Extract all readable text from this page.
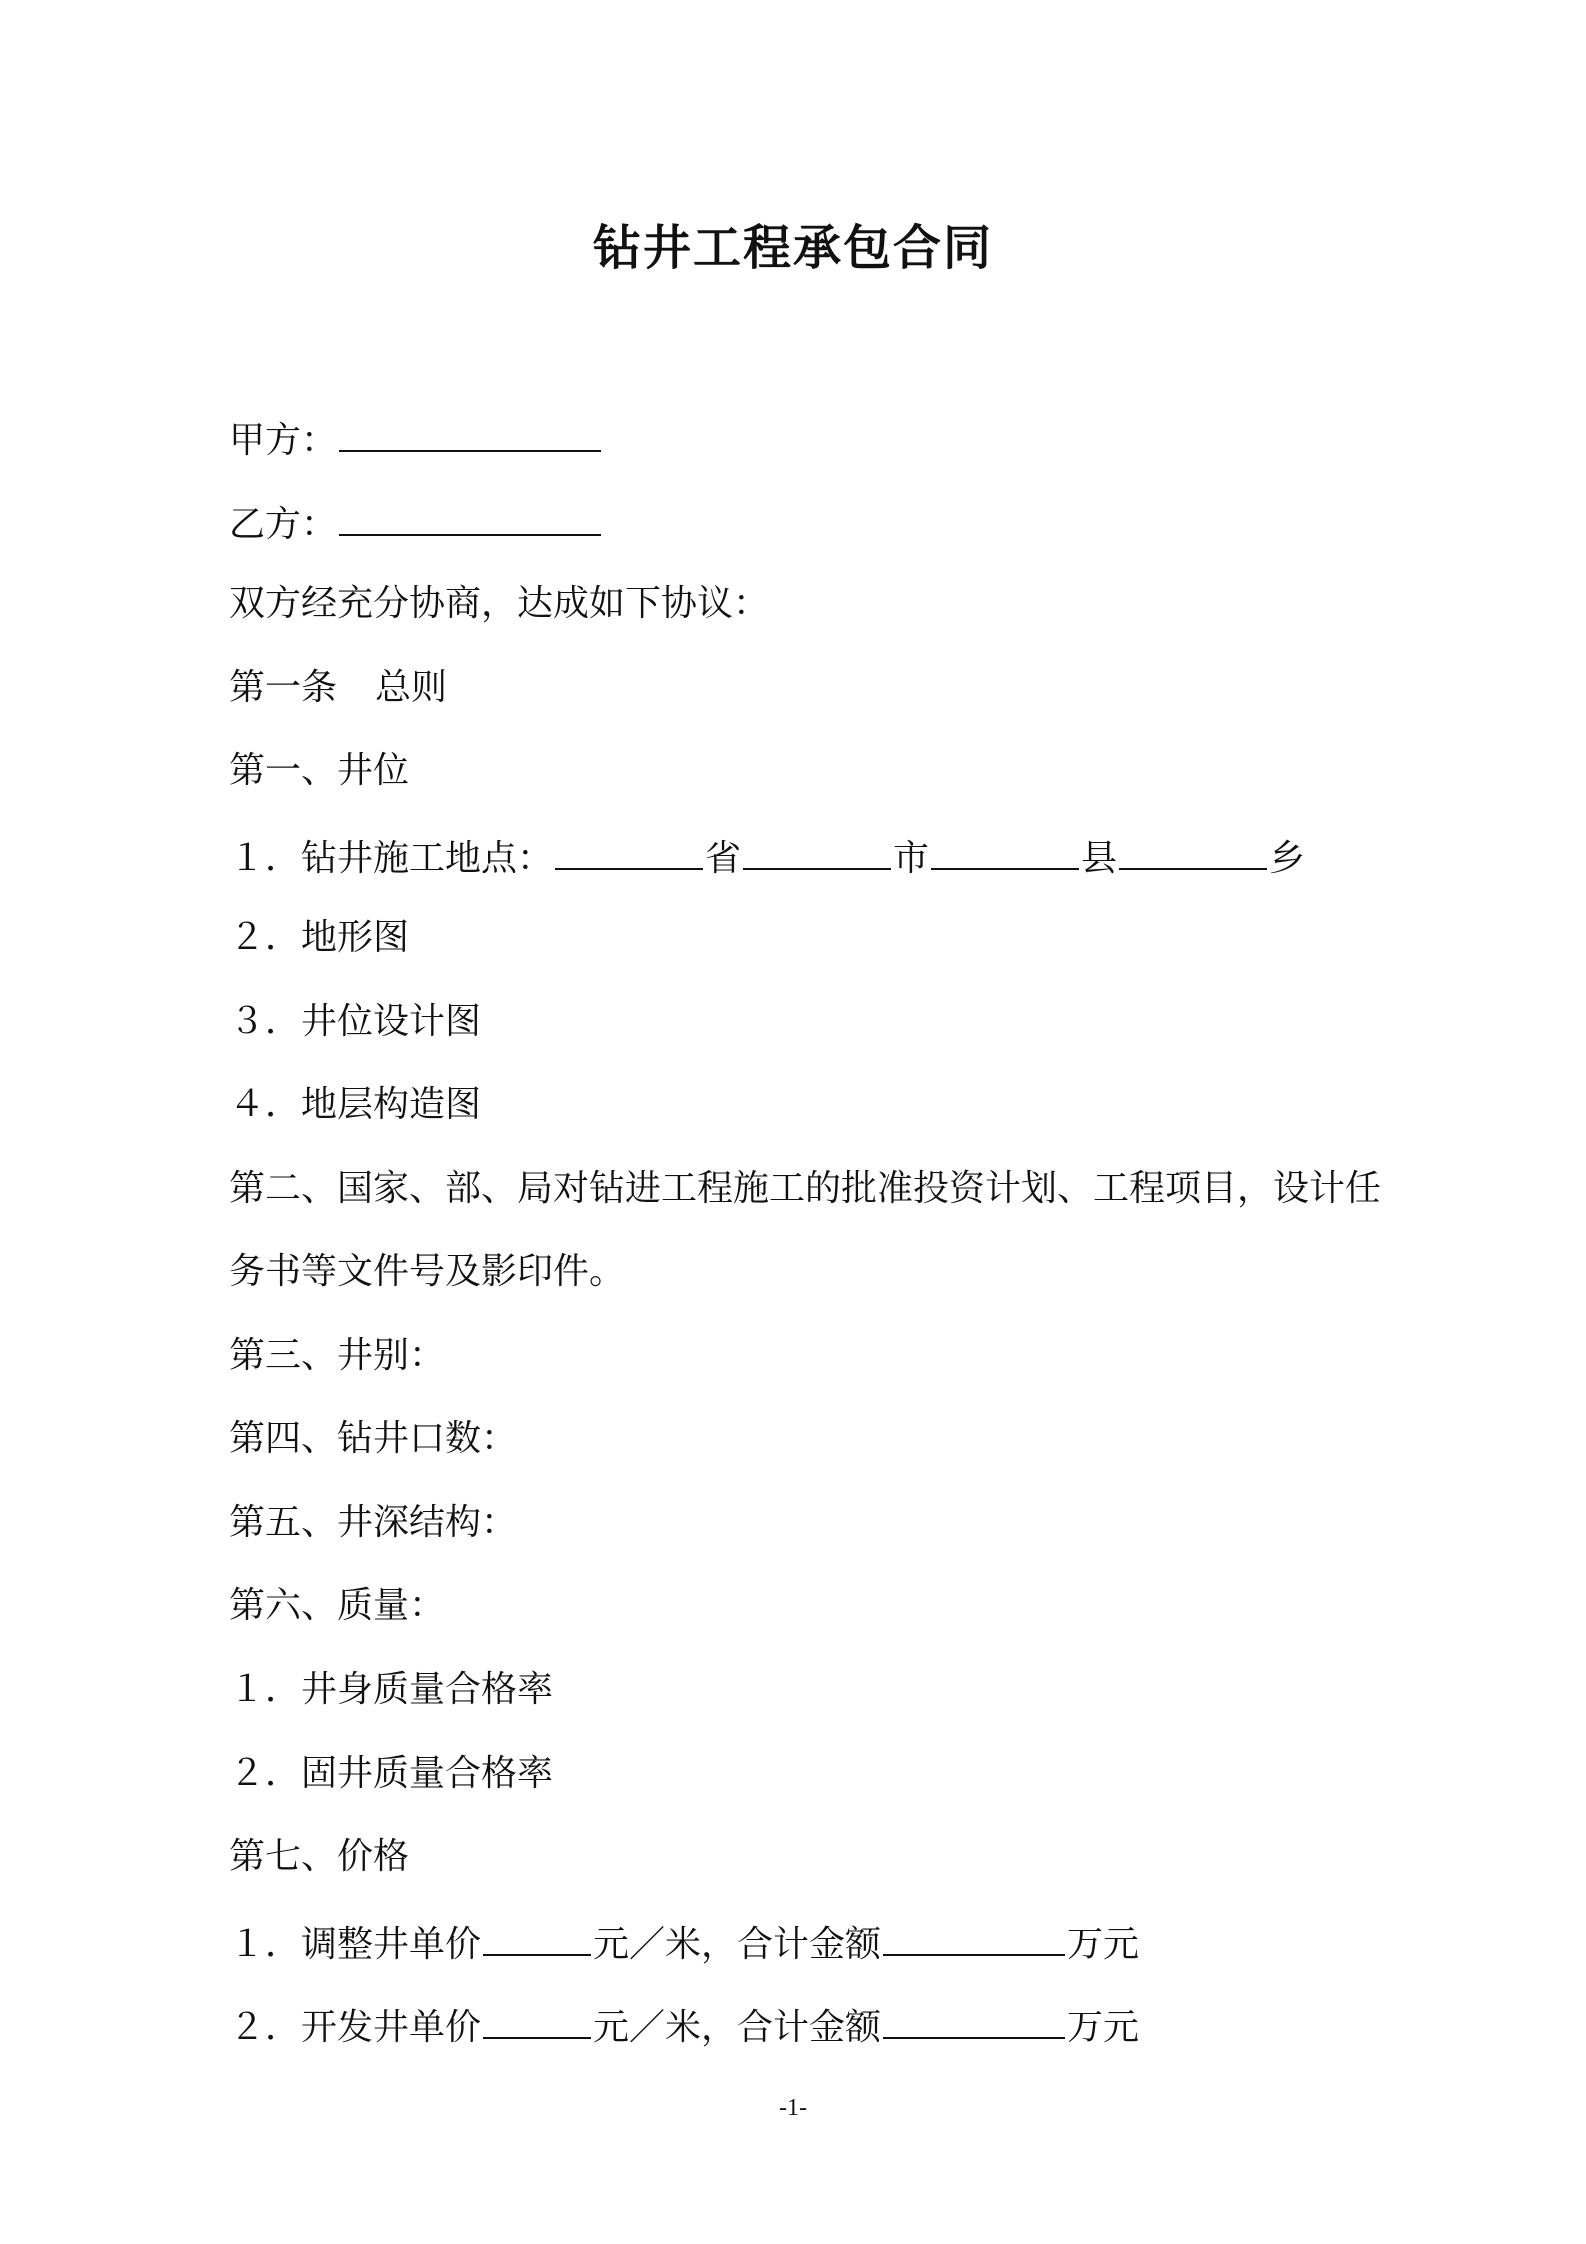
钻井工程承包合同
甲方：
乙方：
双方经充分协商，达成如下协议：
第一条 总则
第一、井位
１．钻井施工地点：	省	市	县	乡
２．地形图
３．井位设计图
４．地层构造图
第二、国家、部、局对钻进工程施工的批准投资计划、工程项目，设计任
务书等文件号及影印件。
第三、井别：
第四、钻井口数：
第五、井深结构：
第六、质量：
１．井身质量合格率
２．固井质量合格率
第七、价格
１．调整井单价	元／米，合计金额	万元
２．开发井单价	元／米，合计金额	万元
-1-
